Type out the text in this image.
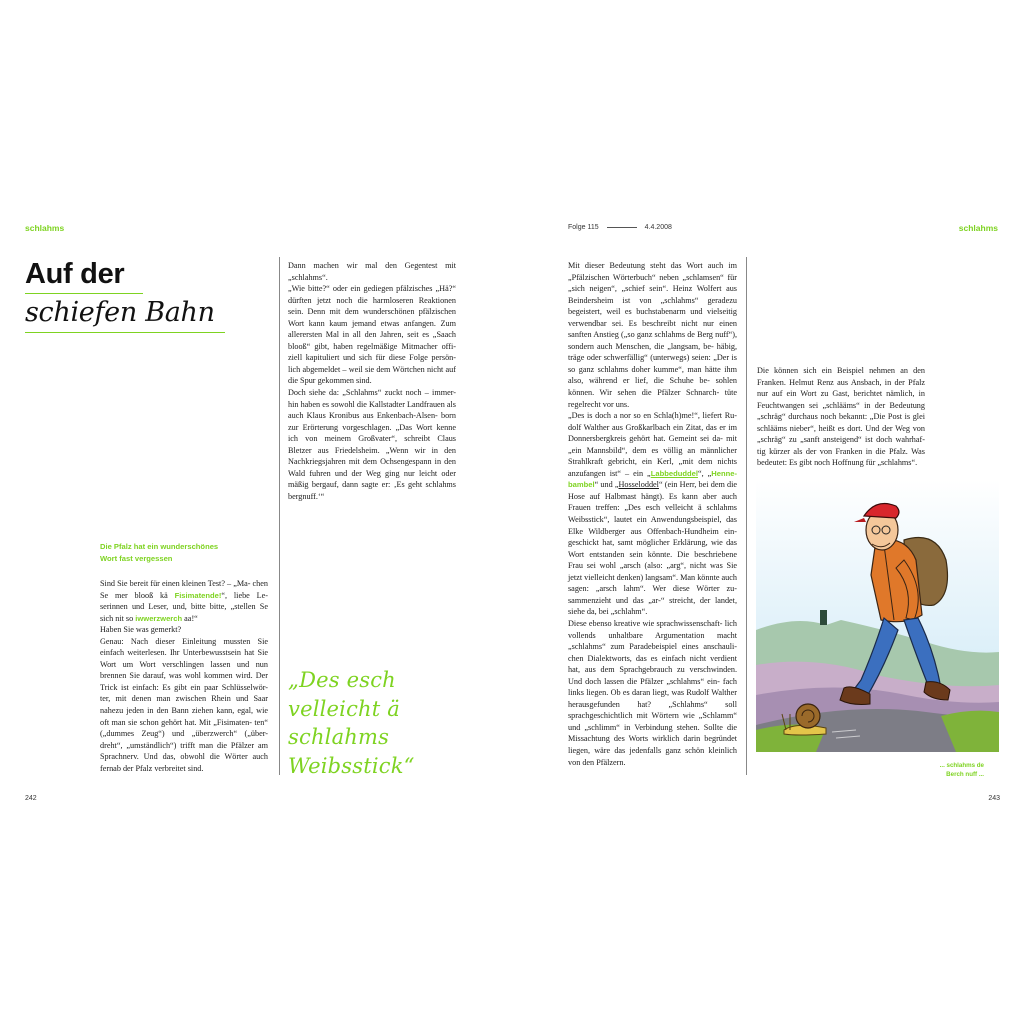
schlahms	Folge 115	4.4.2008	schlahms
Auf der
schiefen Bahn
Die Pfalz hat ein wunderschönes
Wort fast vergessen

Sind Sie bereit für einen kleinen Test? – „Ma- chen Se mer blooß kä Fisimatende!“, liebe Le- serinnen und Leser, und, bitte bitte, „stellen Se sich nit so iwwerzwerch aa!“

Haben Sie was gemerkt?

Genau: Nach dieser Einleitung mussten Sie einfach weiterlesen. Ihr Unterbewusstsein hat Sie Wort um Wort verschlingen lassen und nun brennen Sie darauf, was wohl kommen wird. Der Trick ist einfach: Es gibt ein paar Schlüsselwör- ter, mit denen man zwischen Rhein und Saar nahezu jeden in den Bann ziehen kann, egal, wie oft man sie schon gehört hat. Mit „Fisimaten- ten“ („dummes Zeug“) und „überzwerch“ („über- dreht“, „umständlich“) trifft man die Pfälzer am Sprachnerv. Und das, obwohl die Wörter auch fernab der Pfalz verbreitet sind.

Dann machen wir mal den Gegentest mit „schlahms“.

„Wie bitte?“ oder ein gediegen pfälzisches „Hä?“ dürften jetzt noch die harmloseren Reaktionen sein. Denn mit dem wunderschönen pfälzischen Wort kann kaum jemand etwas anfangen. Zum allerersten Mal in all den Jahren, seit es „Saach blooß“ gibt, haben regelmäßige Mitmacher offi- ziell kapituliert und sich für diese Folge persön- lich abgemeldet – weil sie dem Wörtchen nicht auf die Spur gekommen sind.

Doch siehe da: „Schlahms“ zuckt noch – immer- hin haben es sowohl die Kallstadter Landfrauen als auch Klaus Kronibus aus Enkenbach-Alsen- born zur Erörterung vorgeschlagen. „Das Wort kenne ich von meinem Großvater“, schreibt Claus Bletzer aus Friedelsheim. „Wenn wir in den Nachkriegsjahren mit dem Ochsengespann in den Wald fuhren und der Weg ging nur leicht oder mäßig bergauf, dann sagte er: ‚Es geht schlahms bergnuff.‘“

„Des esch
velleicht ä
schlahms
Weibsstick“

Mit dieser Bedeutung steht das Wort auch im „Pfälzischen Wörterbuch“ neben „schlamsen“ für „sich neigen“, „schief sein“. Heinz Wolfert aus Beindersheim ist von „schlahms“ geradezu begeistert, weil es buchstabenarm und vielseitig verwendbar sei. Es beschreibt nicht nur einen sanften Anstieg („so ganz schlahms de Berg nuff“), sondern auch Menschen, die „langsam, be- häbig, träge oder schwerfällig“ (unterwegs) seien: „Der is so ganz schlahms doher kumme“, man hätte ihm also, während er lief, die Schuhe be- sohlen können. Wir sehen die Pfälzer Schnarch- tüte regelrecht vor uns.

„Des is doch a nor so en Schla(h)me!“, liefert Ru- dolf Walther aus Großkarlbach ein Zitat, das er im Donnersbergkreis gehört hat. Gemeint sei da- mit „ein Mannsbild“, dem es völlig an männlicher Strahlkraft gebricht, ein Kerl, „mit dem nichts anzufangen ist“ – ein „Labbeduddel“, „Henne- bambel“ und „Hosseloddel“ (ein Herr, bei dem die Hose auf Halbmast hängt). Es kann aber auch Frauen treffen: „Des esch velleicht ä schlahms Weibsstick“, lautet ein Anwendungsbeispiel, das Elke Wildberger aus Offenbach-Hundheim ein- geschickt hat, samt möglicher Erklärung, wie das Wort entstanden sein könnte. Die beschriebene Frau sei wohl „arsch (also: „arg“, nicht was Sie jetzt vielleicht denken) langsam“. Man könnte auch sagen: „arsch lahm“. Wer diese Wörter zu- sammenzieht und das „ar-“ streicht, der landet, siehe da, bei „schlahm“.

Diese ebenso kreative wie sprachwissenschaft- lich vollends unhaltbare Argumentation macht „schlahms“ zum Paradebeispiel eines anschauli- chen Dialektworts, das es einfach nicht verdient hat, aus dem Sprachgebrauch zu verschwinden. Und doch lassen die Pfälzer „schlahms“ ein- fach links liegen. Ob es daran liegt, was Rudolf Walther herausgefunden hat? „Schlahms“ soll sprachgeschichtlich mit Wörtern wie „Schlamm“ und „schlimm“ in Verbindung stehen. Sollte die Missachtung des Worts wirklich darin begründet liegen, wäre das jedenfalls ganz schön kleinlich von den Pfälzern.

Die können sich ein Beispiel nehmen an den Franken. Helmut Renz aus Ansbach, in der Pfalz nur auf ein Wort zu Gast, berichtet nämlich, in Feuchtwangen sei „schlääms“ in der Bedeutung „schräg“ durchaus noch bekannt: „Die Post is glei schlääms nieber“, heißt es dort. Und der Weg von „schräg“ zu „sanft ansteigend“ ist doch wahrhaf- tig kürzer als der von Franken in die Pfalz. Was bedeutet: Es gibt noch Hoffnung für „schlahms“.

... schlahms de
Berch nuff ...
242	243
